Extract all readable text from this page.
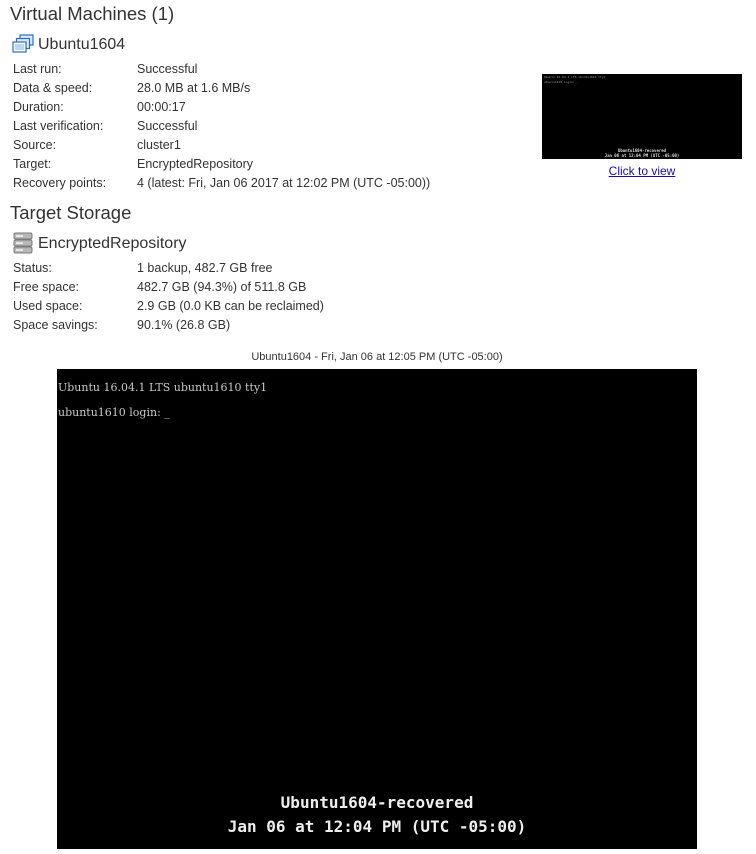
Virtual Machines (1)
Ubuntu1604
Last run:	Successful
Data & speed:	28.0 MB at 1.6 MB/s
Duration:	00:00:17
Last verification:	Successful
Source:	cluster1
Target:	EncryptedRepository
Recovery points:	4 (latest: Fri, Jan 06 2017 at 12:02 PM (UTC -05:00))
Ubuntu 16.04.1 LTS ubuntu1610 tty1
ubuntu1610 login: _
Ubuntu1604-recovered
Jan 06 at 12:04 PM (UTC -05:00)
Click to view
Target Storage
EncryptedRepository
Status:	1 backup, 482.7 GB free
Free space:	482.7 GB (94.3%) of 511.8 GB
Used space:	2.9 GB (0.0 KB can be reclaimed)
Space savings:	90.1% (26.8 GB)
Ubuntu1604 - Fri, Jan 06 at 12:05 PM (UTC -05:00)
Ubuntu 16.04.1 LTS ubuntu1610 tty1
ubuntu1610 login: _
Ubuntu1604-recovered
Jan 06 at 12:04 PM (UTC -05:00)
